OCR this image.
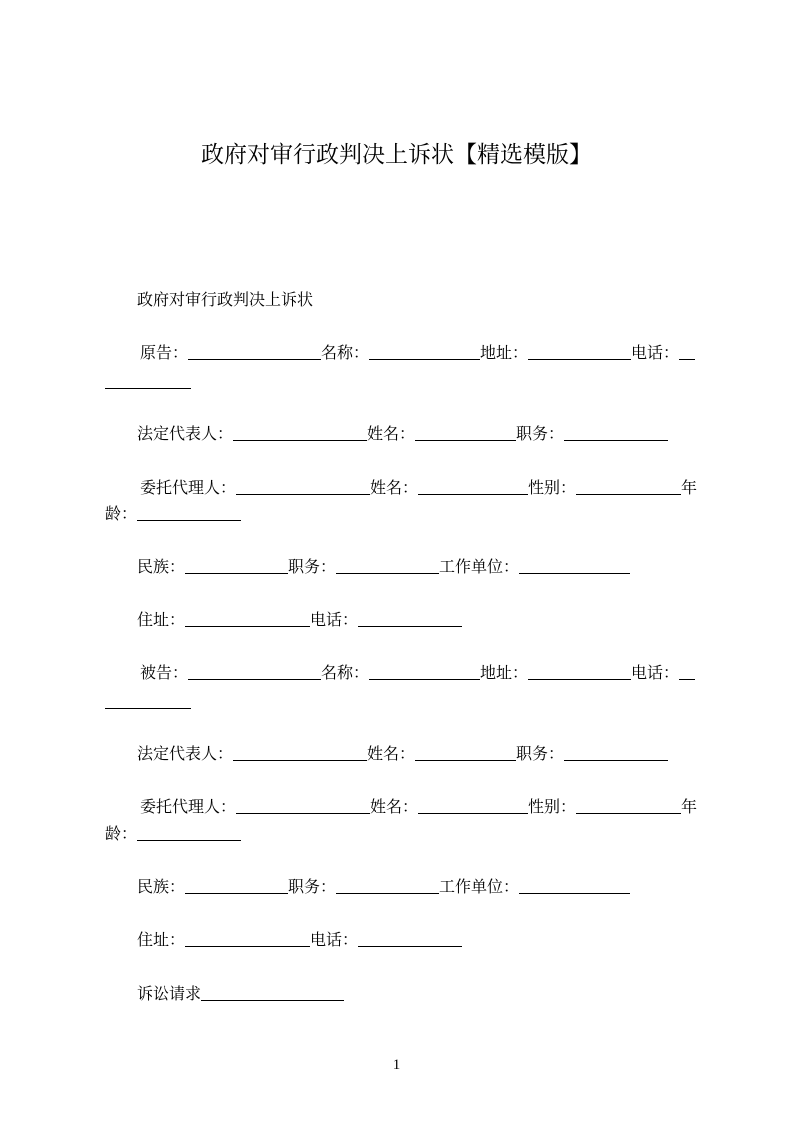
政府对审行政判决上诉状【精选模版】
政府对审行政判决上诉状
原告：	名称：	地址：	电话：
法定代表人：	姓名：	职务：
委托代理人：	姓名：	性别：	年
龄：
民族：	职务：	工作单位：
住址：	电话：
被告：	名称：	地址：	电话：
法定代表人：	姓名：	职务：
委托代理人：	姓名：	性别：	年
龄：
民族：	职务：	工作单位：
住址：	电话：
诉讼请求
1
